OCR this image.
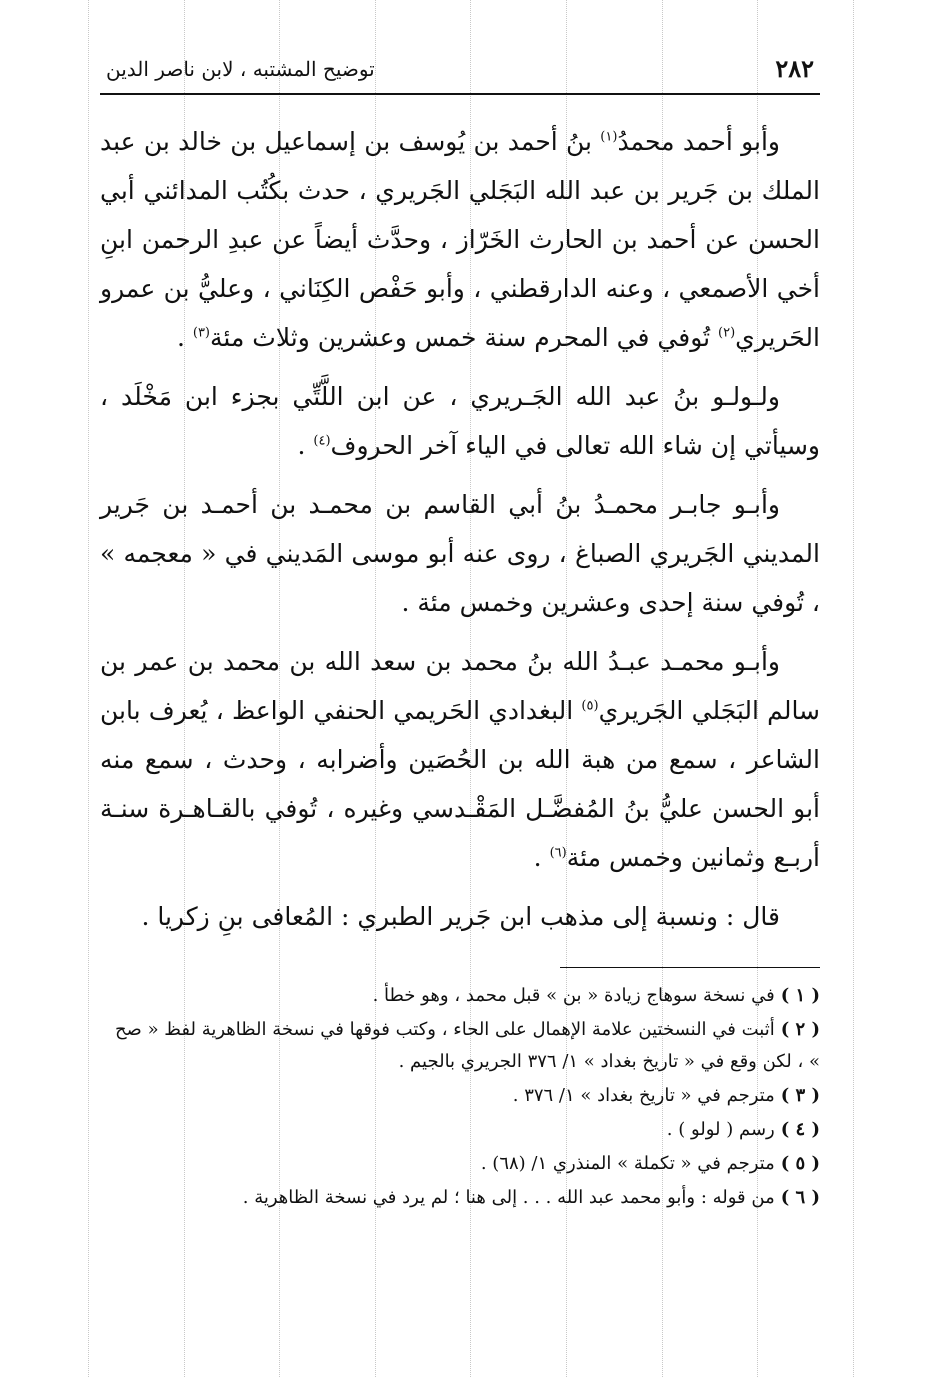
٢٨٢
توضيح المشتبه ، لابن ناصر الدين

وأبو أحمد محمدُ$^{(١)}$ بنُ أحمد بن يُوسف بن إسماعيل بن خالد بن عبد الملك بن جَرير بن عبد الله البَجَلي الجَريري ، حدث بكُتُب المدائني أبي الحسن عن أحمد بن الحارث الخَرّاز ، وحدَّث أيضاً عن عبدِ الرحمن ابنِ أخي الأصمعي ، وعنه الدارقطني ، وأبو حَفْص الكِنَاني ، وعليُّ بن عمرو الحَريري$^{(٢)}$ تُوفي في المحرم سنة خمس وعشرين وثلاث مئة$^{(٣)}$ .

ولـولـو بنُ عبد الله الجَـريري ، عن ابن اللَّتِّي بجزء ابن مَخْلَد ، وسيأتي إن شاء الله تعالى في الياء آخر الحروف$^{(٤)}$ .

وأبـو جابـر محمـدُ بنُ أبي القاسم بن محمـد بن أحمـد بن جَرير المديني الجَريري الصباغ ، روى عنه أبو موسى المَديني في « معجمه » ، تُوفي سنة إحدى وعشرين وخمس مئة .

وأبـو محمـد عبـدُ الله بنُ محمد بن سعد الله بن محمد بن عمر بن سالم البَجَلي الجَريري$^{(٥)}$ البغدادي الحَريمي الحنفي الواعظ ، يُعرف بابن الشاعر ، سمع من هبة الله بن الحُصَين وأضرابه ، وحدث ، سمع منه أبو الحسن عليُّ بنُ المُفضَّـل المَقْـدسي وغيره ، تُوفي بالقـاهـرة سنـة أربـع وثمانين وخمس مئة$^{(٦)}$ .

قال : ونسبة إلى مذهب ابن جَرير الطبري : المُعافى بنِ زكريا .

( ١ )في نسخة سوهاج زيادة « بن » قبل محمد ، وهو خطأ .
( ٢ )أثبت في النسختين علامة الإهمال على الحاء ، وكتب فوقها في نسخة الظاهرية لفظ « صح » ، لكن وقع في « تاريخ بغداد » ١/ ٣٧٦ الجريري بالجيم .
( ٣ )مترجم في « تاريخ بغداد » ١/ ٣٧٦ .
( ٤ )رسم ( لولو ) .
( ٥ )مترجم في « تكملة » المنذري ١/ (٦٨) .
( ٦ )من قوله : وأبو محمد عبد الله . . . إلى هنا ؛ لم يرد في نسخة الظاهرية .
